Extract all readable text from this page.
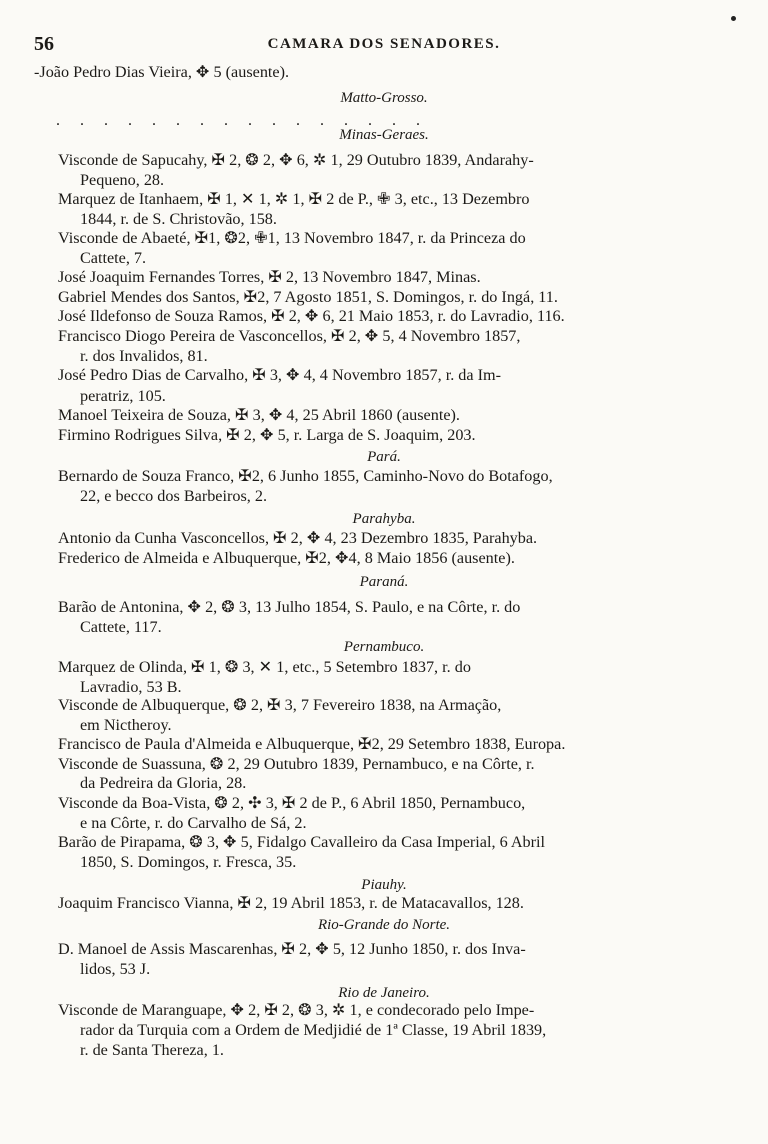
56	CAMARA DOS SENADORES.
-João Pedro Dias Vieira, ✥ 5 (ausente).
Matto-Grosso.
. . . . . . . . . . . . . . . .
Minas-Geraes.
Visconde de Sapucahy, ✠ 2, ❂ 2, ✥ 6, ✲ 1, 29 Outubro 1839, Andarahy-
Pequeno, 28.
Marquez de Itanhaem, ✠ 1, ✕ 1, ✲ 1, ✠ 2 de P., ✙ 3, etc., 13 Dezembro
1844, r. de S. Christovão, 158.
Visconde de Abaeté, ✠1, ❂2, ✙1, 13 Novembro 1847, r. da Princeza do
Cattete, 7.
José Joaquim Fernandes Torres, ✠ 2, 13 Novembro 1847, Minas.
Gabriel Mendes dos Santos, ✠2, 7 Agosto 1851, S. Domingos, r. do Ingá, 11.
José Ildefonso de Souza Ramos, ✠ 2, ✥ 6, 21 Maio 1853, r. do Lavradio, 116.
Francisco Diogo Pereira de Vasconcellos, ✠ 2, ✥ 5, 4 Novembro 1857,
r. dos Invalidos, 81.
José Pedro Dias de Carvalho, ✠ 3, ✥ 4, 4 Novembro 1857, r. da Im-
peratriz, 105.
Manoel Teixeira de Souza, ✠ 3, ✥ 4, 25 Abril 1860 (ausente).
Firmino Rodrigues Silva, ✠ 2, ✥ 5, r. Larga de S. Joaquim, 203.
Pará.
Bernardo de Souza Franco, ✠2, 6 Junho 1855, Caminho-Novo do Botafogo,
22, e becco dos Barbeiros, 2.
Parahyba.
Antonio da Cunha Vasconcellos, ✠ 2, ✥ 4, 23 Dezembro 1835, Parahyba.
Frederico de Almeida e Albuquerque, ✠2, ✥4, 8 Maio 1856 (ausente).
Paraná.
Barão de Antonina, ✥ 2, ❂ 3, 13 Julho 1854, S. Paulo, e na Côrte, r. do
Cattete, 117.
Pernambuco.
Marquez de Olinda, ✠ 1, ❂ 3, ✕ 1, etc., 5 Setembro 1837, r. do
Lavradio, 53 B.
Visconde de Albuquerque, ❂ 2, ✠ 3, 7 Fevereiro 1838, na Armação,
em Nictheroy.
Francisco de Paula d'Almeida e Albuquerque, ✠2, 29 Setembro 1838, Europa.
Visconde de Suassuna, ❂ 2, 29 Outubro 1839, Pernambuco, e na Côrte, r.
da Pedreira da Gloria, 28.
Visconde da Boa-Vista, ❂ 2, ✣ 3, ✠ 2 de P., 6 Abril 1850, Pernambuco,
e na Côrte, r. do Carvalho de Sá, 2.
Barão de Pirapama, ❂ 3, ✥ 5, Fidalgo Cavalleiro da Casa Imperial, 6 Abril
1850, S. Domingos, r. Fresca, 35.
Piauhy.
Joaquim Francisco Vianna, ✠ 2, 19 Abril 1853, r. de Matacavallos, 128.
Rio-Grande do Norte.
D. Manoel de Assis Mascarenhas, ✠ 2, ✥ 5, 12 Junho 1850, r. dos Inva-
lidos, 53 J.
Rio de Janeiro.
Visconde de Maranguape, ✥ 2, ✠ 2, ❂ 3, ✲ 1, e condecorado pelo Impe-
rador da Turquia com a Ordem de Medjidié de 1ª Classe, 19 Abril 1839,
r. de Santa Thereza, 1.
